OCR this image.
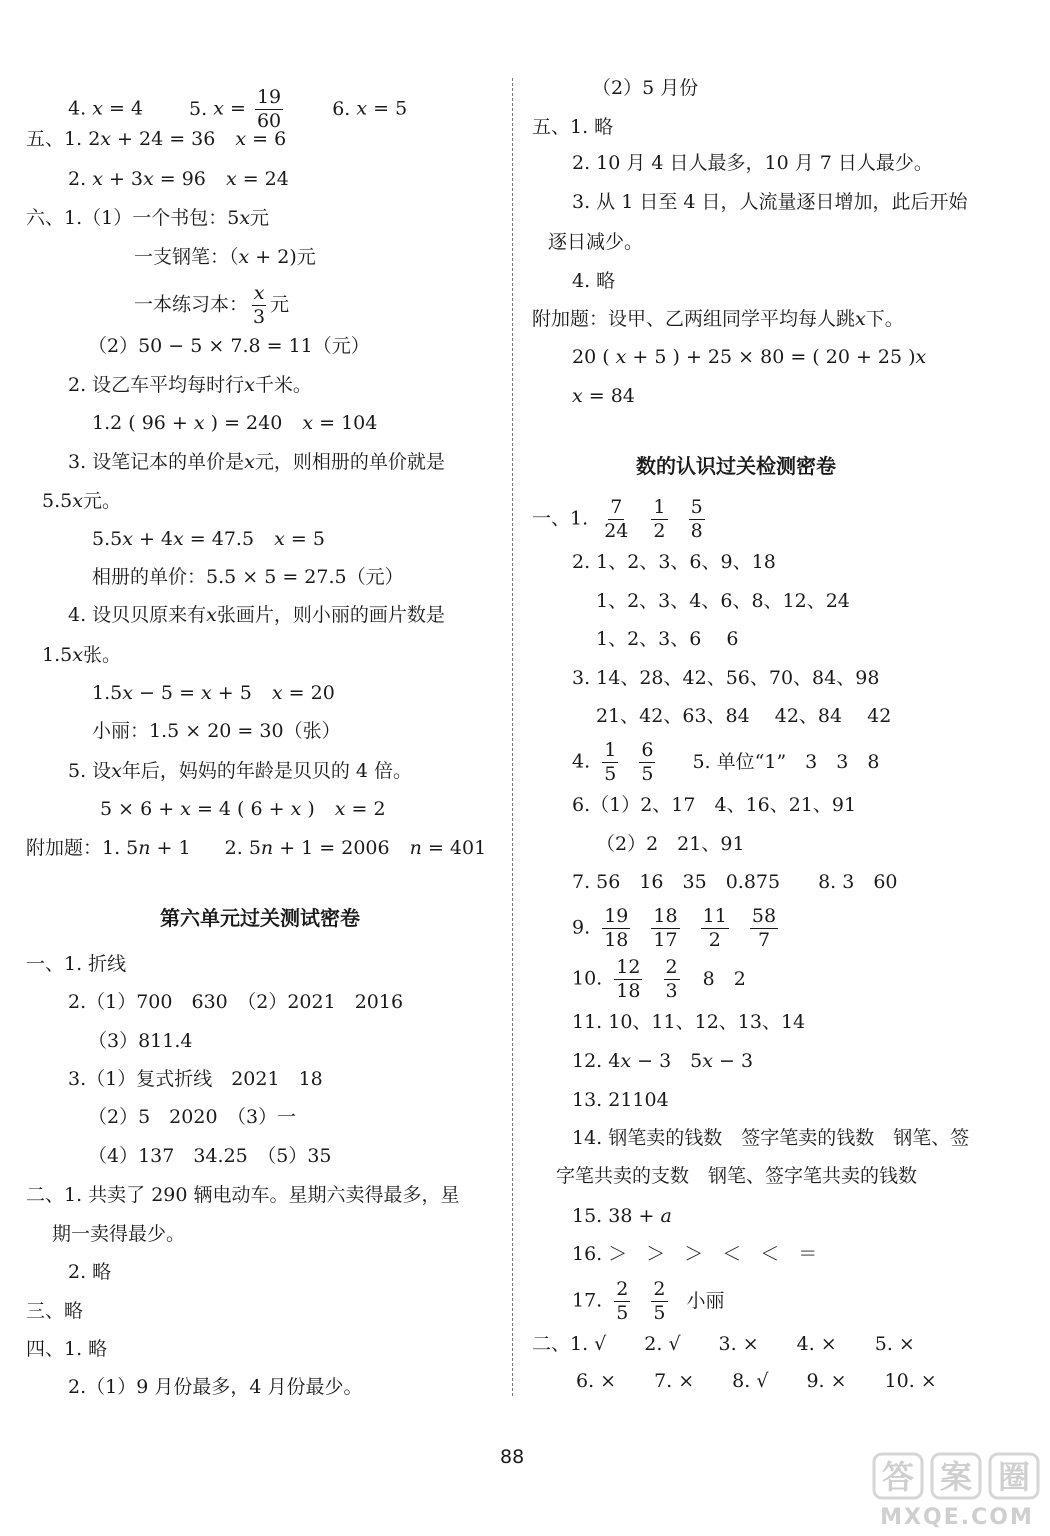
4. x = 4 5. $x = \frac{19}{60}$	6. x = 5
五、1. 2x + 24 = 36 x = 6
2. x + 3x = 96 x = 24
六、1.（1）一个书包：5x元
一支钢笔：（x + 2)元
一本练习本： $\frac{x}{3}$ 元
（2）50 − 5 × 7.8 = 11（元）
2. 设乙车平均每时行x千米。
1.2 ( 96 + x ) = 240 x = 104
3. 设笔记本的单价是x元，则相册的单价就是
5.5x元。
5.5x + 4x = 47.5 x = 5
相册的单价：5.5 × 5 = 27.5（元）
4. 设贝贝原来有x张画片，则小丽的画片数是
1.5x张。
1.5x − 5 = x + 5 x = 20
小丽：1.5 × 20 = 30（张）
5. 设x年后，妈妈的年龄是贝贝的 4 倍。
5 × 6 + x = 4 ( 6 + x ) x = 2
附加题：1. 5n + 1 2. 5n + 1 = 2006 n = 401
第六单元过关测试密卷
一、1. 折线
2.（1）700　630　（2）2021　2016
（3）811.4
3.（1）复式折线　2021　18
（2）5　2020　（3）一
（4）137　34.25　（5）35
二、1. 共卖了 290 辆电动车。星期六卖得最多，星
期一卖得最少。
2. 略
三、略
四、1. 略
2.（1）9 月份最多，4 月份最少。
（2）5 月份
五、1. 略
2. 10 月 4 日人最多，10 月 7 日人最少。
3. 从 1 日至 4 日，人流量逐日增加，此后开始
逐日减少。
4. 略
附加题：设甲、乙两组同学平均每人跳x下。
20 ( x + 5 ) + 25 × 80 = ( 20 + 25 )x
x = 84
数的认识过关检测密卷
一、1. $\frac{7}{24}$
$\frac{1}{2}$
$\frac{5}{8}$
2. 1、2、3、6、9、18
1、2、3、4、6、8、12、24
1、2、3、6　 6
3. 14、28、42、56、70、84、98
21、42、63、84　 42、84　 42
4. $\frac{1}{5}$
$\frac{6}{5} 5$. 单位“1”　3　3　8
6.（1）2、17　4、16、21、91
（2）2　21、91
7. 56　16　35　0.875　　8. 3　60
9. $\frac{19}{18}$
$\frac{18}{17}$
$\frac{11}{2}$
$\frac{58}{7}$
10. $\frac{12}{18}$
$\frac{2}{3} 8$　2
11. 10、11、12、13、14
12. 4x − 3　5x − 3
13. 21104
14. 钢笔卖的钱数　签字笔卖的钱数　钢笔、签
字笔共卖的支数　钢笔、签字笔共卖的钱数
15. 38 + a
16. ＞　＞　＞　＜　＜　＝
17. $\frac{2}{5}$
$\frac{2}{5}$ 小丽
二、1. √　　2. √　　3. ×　　4. ×　　5. ×
6. ×　　7. ×　　8. √　　9. ×　　10. ×
88
答 案 圈
MXQE.COM
